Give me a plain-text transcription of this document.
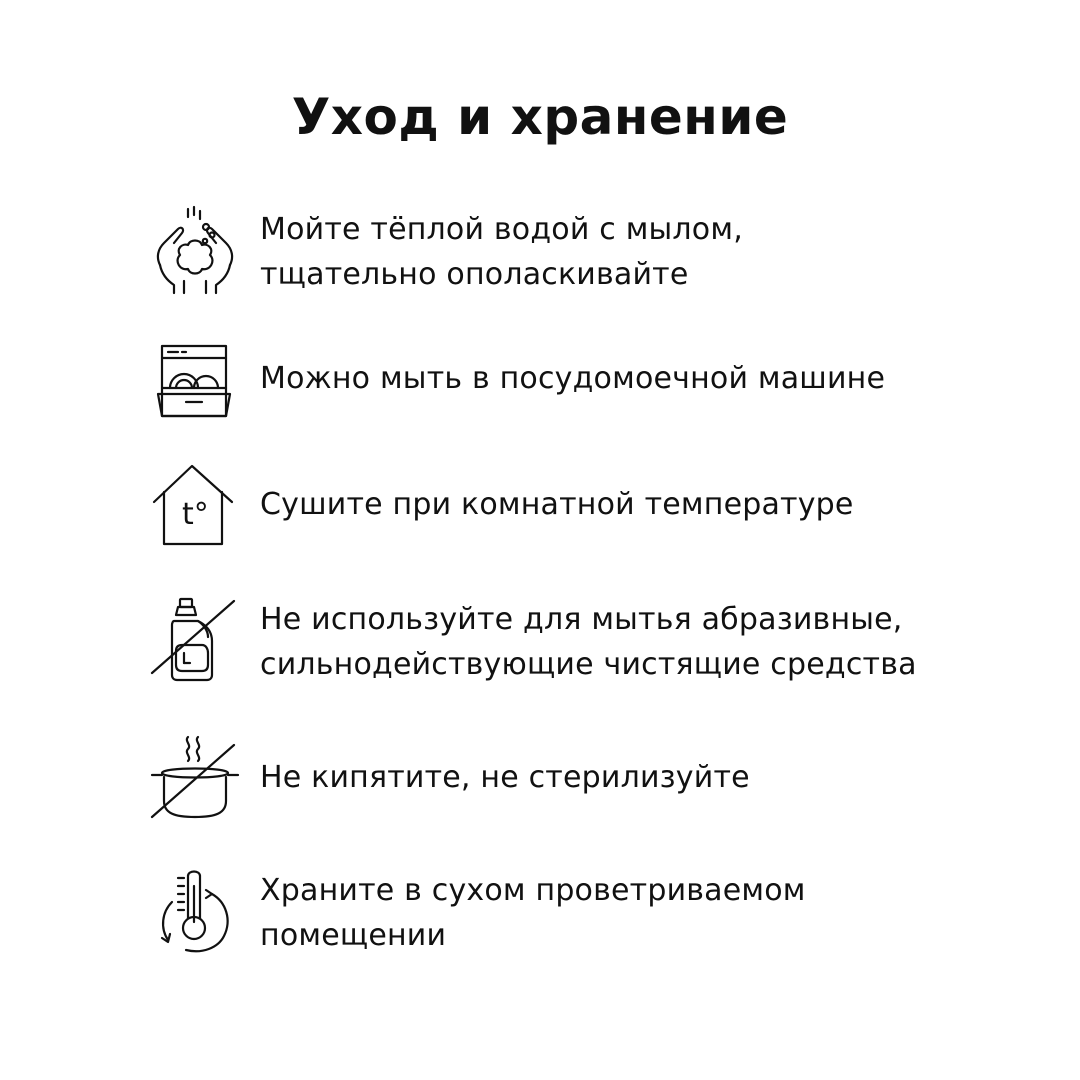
Уход и хранение
Мойте тёплой водой с мылом,
тщательно ополаскивайте
Можно мыть в посудомоечной машине
t° Сушите при комнатной температуре
Не используйте для мытья абразивные,
сильнодействующие чистящие средства
Не кипятите, не стерилизуйте
Храните в сухом проветриваемом
помещении
